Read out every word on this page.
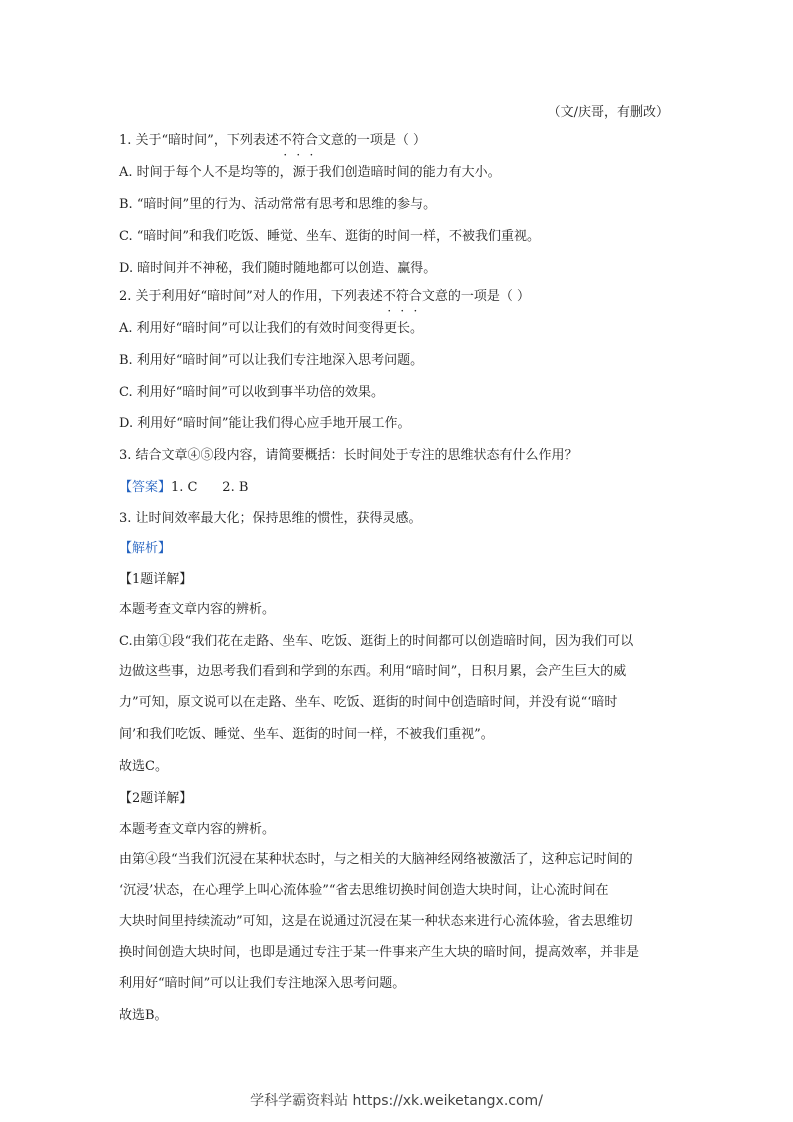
（文/庆哥，有删改）
1. 关于“暗时间”，下列表述不符合文意的一项是（ ）
A. 时间于每个人不是均等的，源于我们创造暗时间的能力有大小。
B. “暗时间”里的行为、活动常常有思考和思维的参与。
C. “暗时间”和我们吃饭、睡觉、坐车、逛街的时间一样，不被我们重视。
D. 暗时间并不神秘，我们随时随地都可以创造、赢得。
2. 关于利用好“暗时间”对人的作用，下列表述不符合文意的一项是（ ）
A. 利用好“暗时间”可以让我们的有效时间变得更长。
B. 利用好“暗时间”可以让我们专注地深入思考问题。
C. 利用好“暗时间”可以收到事半功倍的效果。
D. 利用好“暗时间”能让我们得心应手地开展工作。
3. 结合文章④⑤段内容，请简要概括：长时间处于专注的思维状态有什么作用？
【答案】1. C      2. B
3. 让时间效率最大化；保持思维的惯性，获得灵感。
【解析】
【1题详解】
本题考查文章内容的辨析。
C.由第①段“我们花在走路、坐车、吃饭、逛街上的时间都可以创造暗时间，因为我们可以
边做这些事，边思考我们看到和学到的东西。利用“暗时间”，日积月累，会产生巨大的威
力”可知，原文说可以在走路、坐车、吃饭、逛街的时间中创造暗时间，并没有说“‘暗时
间’和我们吃饭、睡觉、坐车、逛街的时间一样，不被我们重视”。
故选C。
【2题详解】
本题考查文章内容的辨析。
由第④段“当我们沉浸在某种状态时，与之相关的大脑神经网络被激活了，这种忘记时间的
‘沉浸’状态，在心理学上叫心流体验”“省去思维切换时间创造大块时间，让心流时间在
大块时间里持续流动”可知，这是在说通过沉浸在某一种状态来进行心流体验，省去思维切
换时间创造大块时间，也即是通过专注于某一件事来产生大块的暗时间，提高效率，并非是
利用好“暗时间”可以让我们专注地深入思考问题。
故选B。
学科学霸资料站 https://xk.weiketangx.com/
